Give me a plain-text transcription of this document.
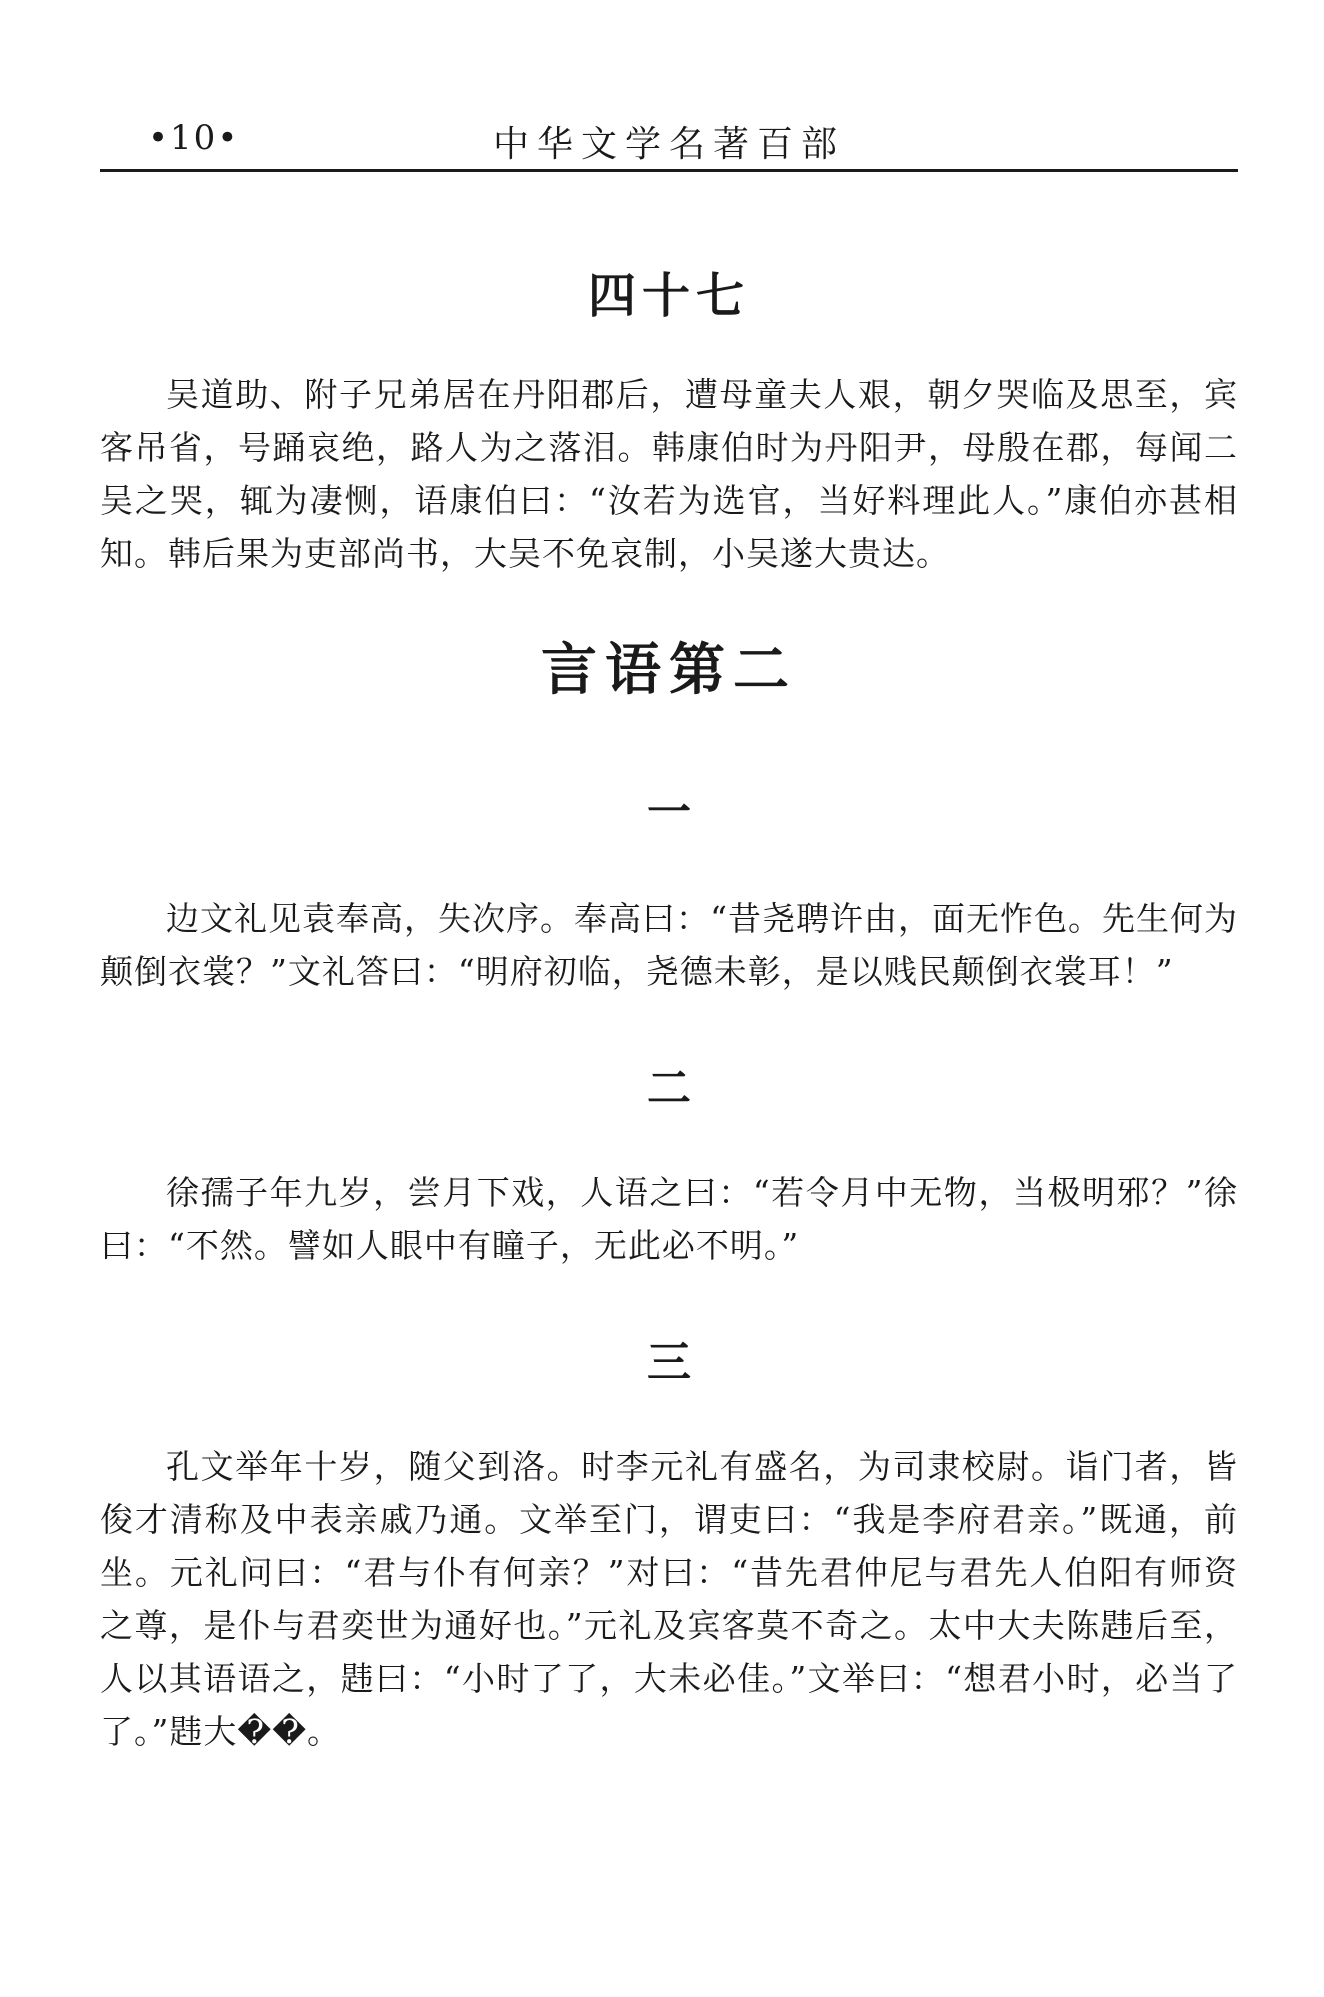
•10•	中华文学名著百部
四十七

吴道助、附子兄弟居在丹阳郡后，遭母童夫人艰，朝夕哭临及思至，宾客吊省，号踊哀绝，路人为之落泪。韩康伯时为丹阳尹，母殷在郡，每闻二吴之哭，辄为凄恻，语康伯曰：“汝若为选官，当好料理此人。”康伯亦甚相知。韩后果为吏部尚书，大吴不免哀制，小吴遂大贵达。

言语第二
一

边文礼见袁奉高，失次序。奉高曰：“昔尧聘许由，面无怍色。先生何为颠倒衣裳？”文礼答曰：“明府初临，尧德未彰，是以贱民颠倒衣裳耳！”

二

徐孺子年九岁，尝月下戏，人语之曰：“若令月中无物，当极明邪？”徐曰：“不然。譬如人眼中有瞳子，无此必不明。”

三

孔文举年十岁，随父到洛。时李元礼有盛名，为司隶校尉。诣门者，皆俊才清称及中表亲戚乃通。文举至门，谓吏曰：“我是李府君亲。”既通，前坐。元礼问曰：“君与仆有何亲？”对曰：“昔先君仲尼与君先人伯阳有师资之尊，是仆与君奕世为通好也。”元礼及宾客莫不奇之。太中大夫陈韪后至，人以其语语之，韪曰：“小时了了，大未必佳。”文举曰：“想君小时，必当了了。”韪大��。
